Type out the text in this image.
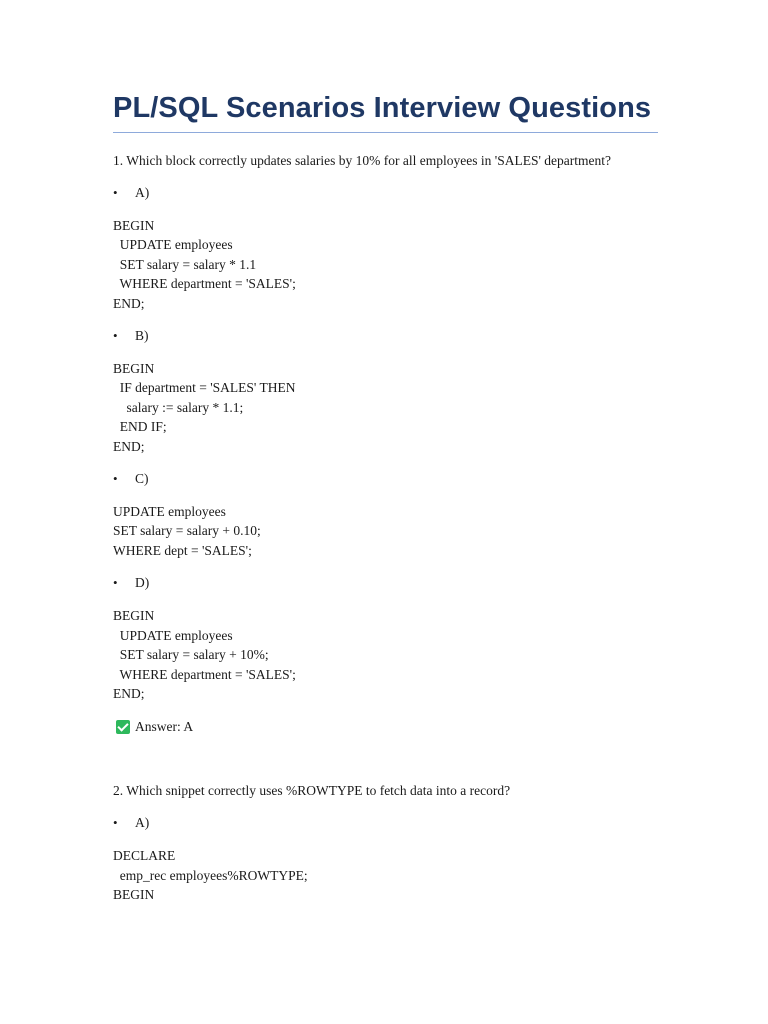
PL/SQL Scenarios Interview Questions
1. Which block correctly updates salaries by 10% for all employees in 'SALES' department?
•	A)
BEGIN
UPDATE employees
SET salary = salary * 1.1
WHERE department = 'SALES';
END;
•	B)
BEGIN
IF department = 'SALES' THEN
salary := salary * 1.1;
END IF;
END;
•	C)
UPDATE employees
SET salary = salary + 0.10;
WHERE dept = 'SALES';
•	D)
BEGIN
UPDATE employees
SET salary = salary + 10%;
WHERE department = 'SALES';
END;
Answer: A
2. Which snippet correctly uses %ROWTYPE to fetch data into a record?
•	A)
DECLARE
emp_rec employees%ROWTYPE;
BEGIN
